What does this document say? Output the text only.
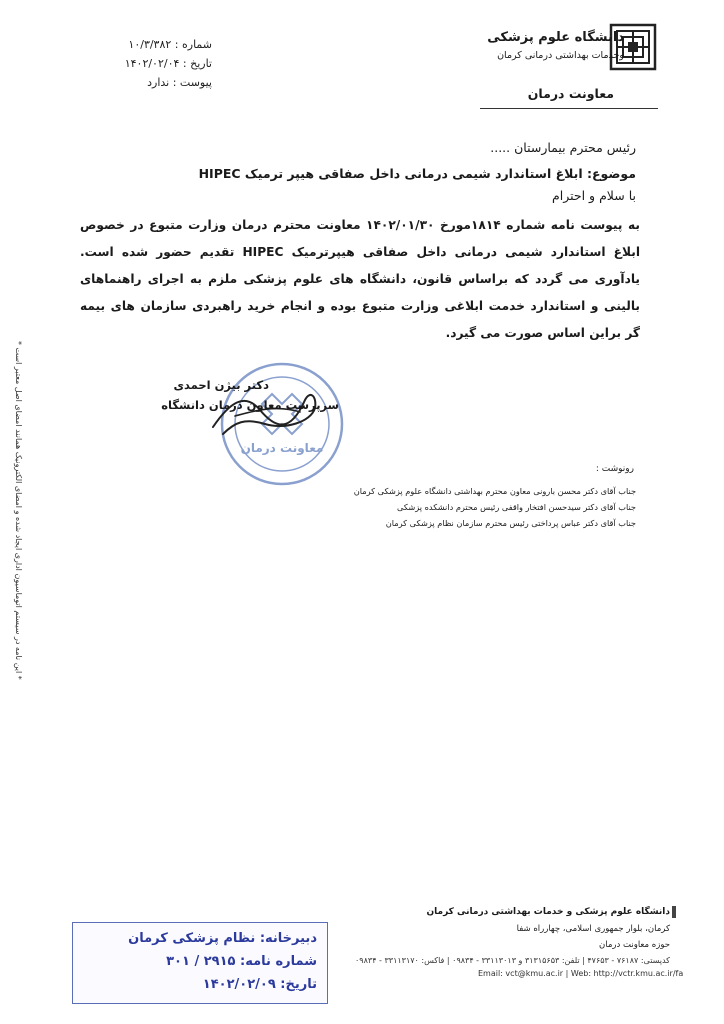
دانشگاه علوم پزشکی
وخدمات بهداشتی درمانی کرمان
معاونت درمان
شماره : ۱۰/۳/۳۸۲
تاریخ : ۱۴۰۲/۰۲/۰۴
پیوست : ندارد
رئیس محترم بیمارستان .....
موضوع: ابلاغ استاندارد شیمی درمانی داخل صفاقی هیپر ترمیک HIPEC
با سلام و احترام
به پیوست نامه شماره ۱۸۱۴مورخ ۱۴۰۲/۰۱/۳۰ معاونت محترم درمان وزارت متبوع در خصوص ابلاغ استاندارد شیمی درمانی داخل صفاقی هیپرترمیک HIPEC تقدیم حضور شده است. یادآوری می گردد که براساس قانون، دانشگاه های علوم پزشکی ملزم به اجرای راهنماهای بالینی و استاندارد خدمت ابلاغی وزارت متبوع بوده و انجام خرید راهبردی سازمان های بیمه گر براین اساس صورت می گیرد.
معاونت درمان
دکتر بیژن احمدی
سرپرست معاون درمان دانشگاه
رونوشت :
جناب آقای دکتر محسن بارونی معاون محترم بهداشتی دانشگاه علوم پزشکی کرمان
جناب آقای دکتر سیدحسن افتخار واقفی رئیس محترم دانشکده پزشکی
جناب آقای دکتر عباس پرداختی رئیس محترم سازمان نظام پزشکی کرمان
* این نامه در سیستم اتوماسیون اداری ایجاد شده و امضای الکترونیک همانند امضای اصل معتبر است *
دانشگاه علوم پزشکی و خدمات بهداشتی درمانی کرمان
کرمان، بلوار جمهوری اسلامی، چهارراه شفا
حوزه معاونت درمان
کدپستی: ۷۶۱۸۷ - ۴۷۶۵۳ | تلفن: ۳۱۳۱۵۶۵۳ و ۳۳۱۱۳۰۱۳ - ۰۹۸۳۴ | فاکس: ۳۳۱۱۳۱۷۰ - ۰۹۸۳۴
Email: vct@kmu.ac.ir | Web: http://vctr.kmu.ac.ir/fa
دبیرخانه: نظام پزشکی کرمان
شماره نامه: ۲۹۱۵ / ۳۰۱
تاریخ: ۱۴۰۲/۰۲/۰۹
